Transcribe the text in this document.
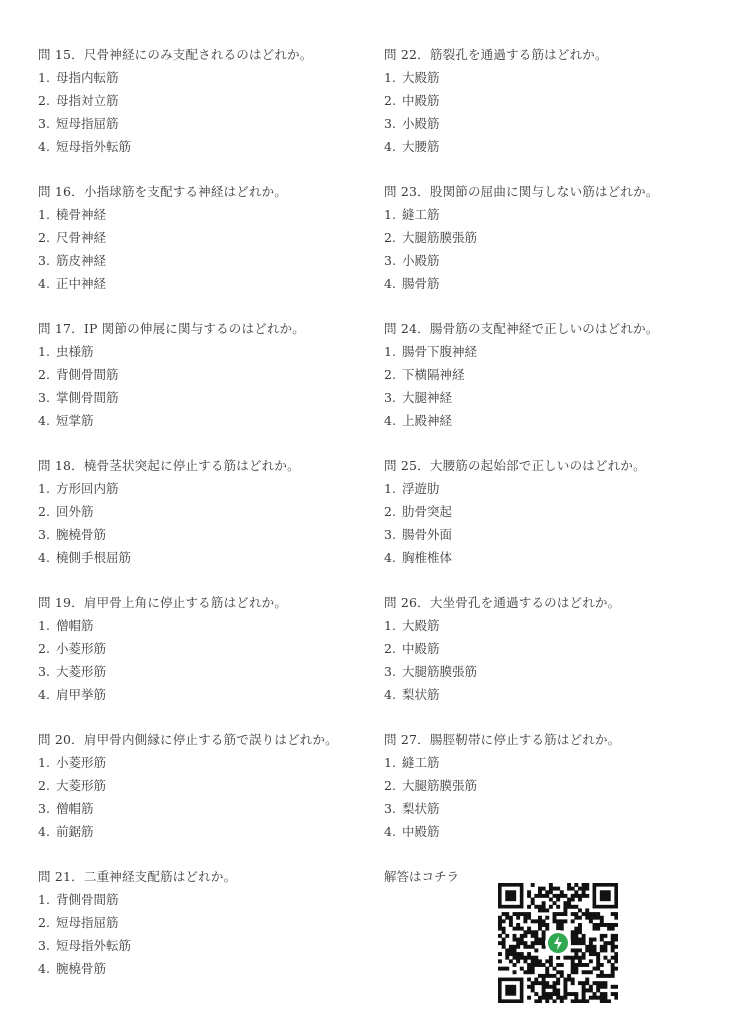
問 15．尺骨神経にのみ支配されるのはどれか。
1. 母指内転筋
2. 母指対立筋
3. 短母指屈筋
4. 短母指外転筋
問 16．小指球筋を支配する神経はどれか。
1. 橈骨神経
2. 尺骨神経
3. 筋皮神経
4. 正中神経
問 17．IP 関節の伸展に関与するのはどれか。
1. 虫様筋
2. 背側骨間筋
3. 掌側骨間筋
4. 短掌筋
問 18．橈骨茎状突起に停止する筋はどれか。
1. 方形回内筋
2. 回外筋
3. 腕橈骨筋
4. 橈側手根屈筋
問 19．肩甲骨上角に停止する筋はどれか。
1. 僧帽筋
2. 小菱形筋
3. 大菱形筋
4. 肩甲挙筋
問 20．肩甲骨内側縁に停止する筋で誤りはどれか。
1. 小菱形筋
2. 大菱形筋
3. 僧帽筋
4. 前鋸筋
問 21．二重神経支配筋はどれか。
1. 背側骨間筋
2. 短母指屈筋
3. 短母指外転筋
4. 腕橈骨筋
問 22．筋裂孔を通過する筋はどれか。
1. 大殿筋
2. 中殿筋
3. 小殿筋
4. 大腰筋
問 23．股関節の屈曲に関与しない筋はどれか。
1. 縫工筋
2. 大腿筋膜張筋
3. 小殿筋
4. 腸骨筋
問 24．腸骨筋の支配神経で正しいのはどれか。
1. 腸骨下腹神経
2. 下横隔神経
3. 大腿神経
4. 上殿神経
問 25．大腰筋の起始部で正しいのはどれか。
1. 浮遊肋
2. 肋骨突起
3. 腸骨外面
4. 胸椎椎体
問 26．大坐骨孔を通過するのはどれか。
1. 大殿筋
2. 中殿筋
3. 大腿筋膜張筋
4. 梨状筋
問 27．腸脛靭帯に停止する筋はどれか。
1. 縫工筋
2. 大腿筋膜張筋
3. 梨状筋
4. 中殿筋
解答はコチラ
